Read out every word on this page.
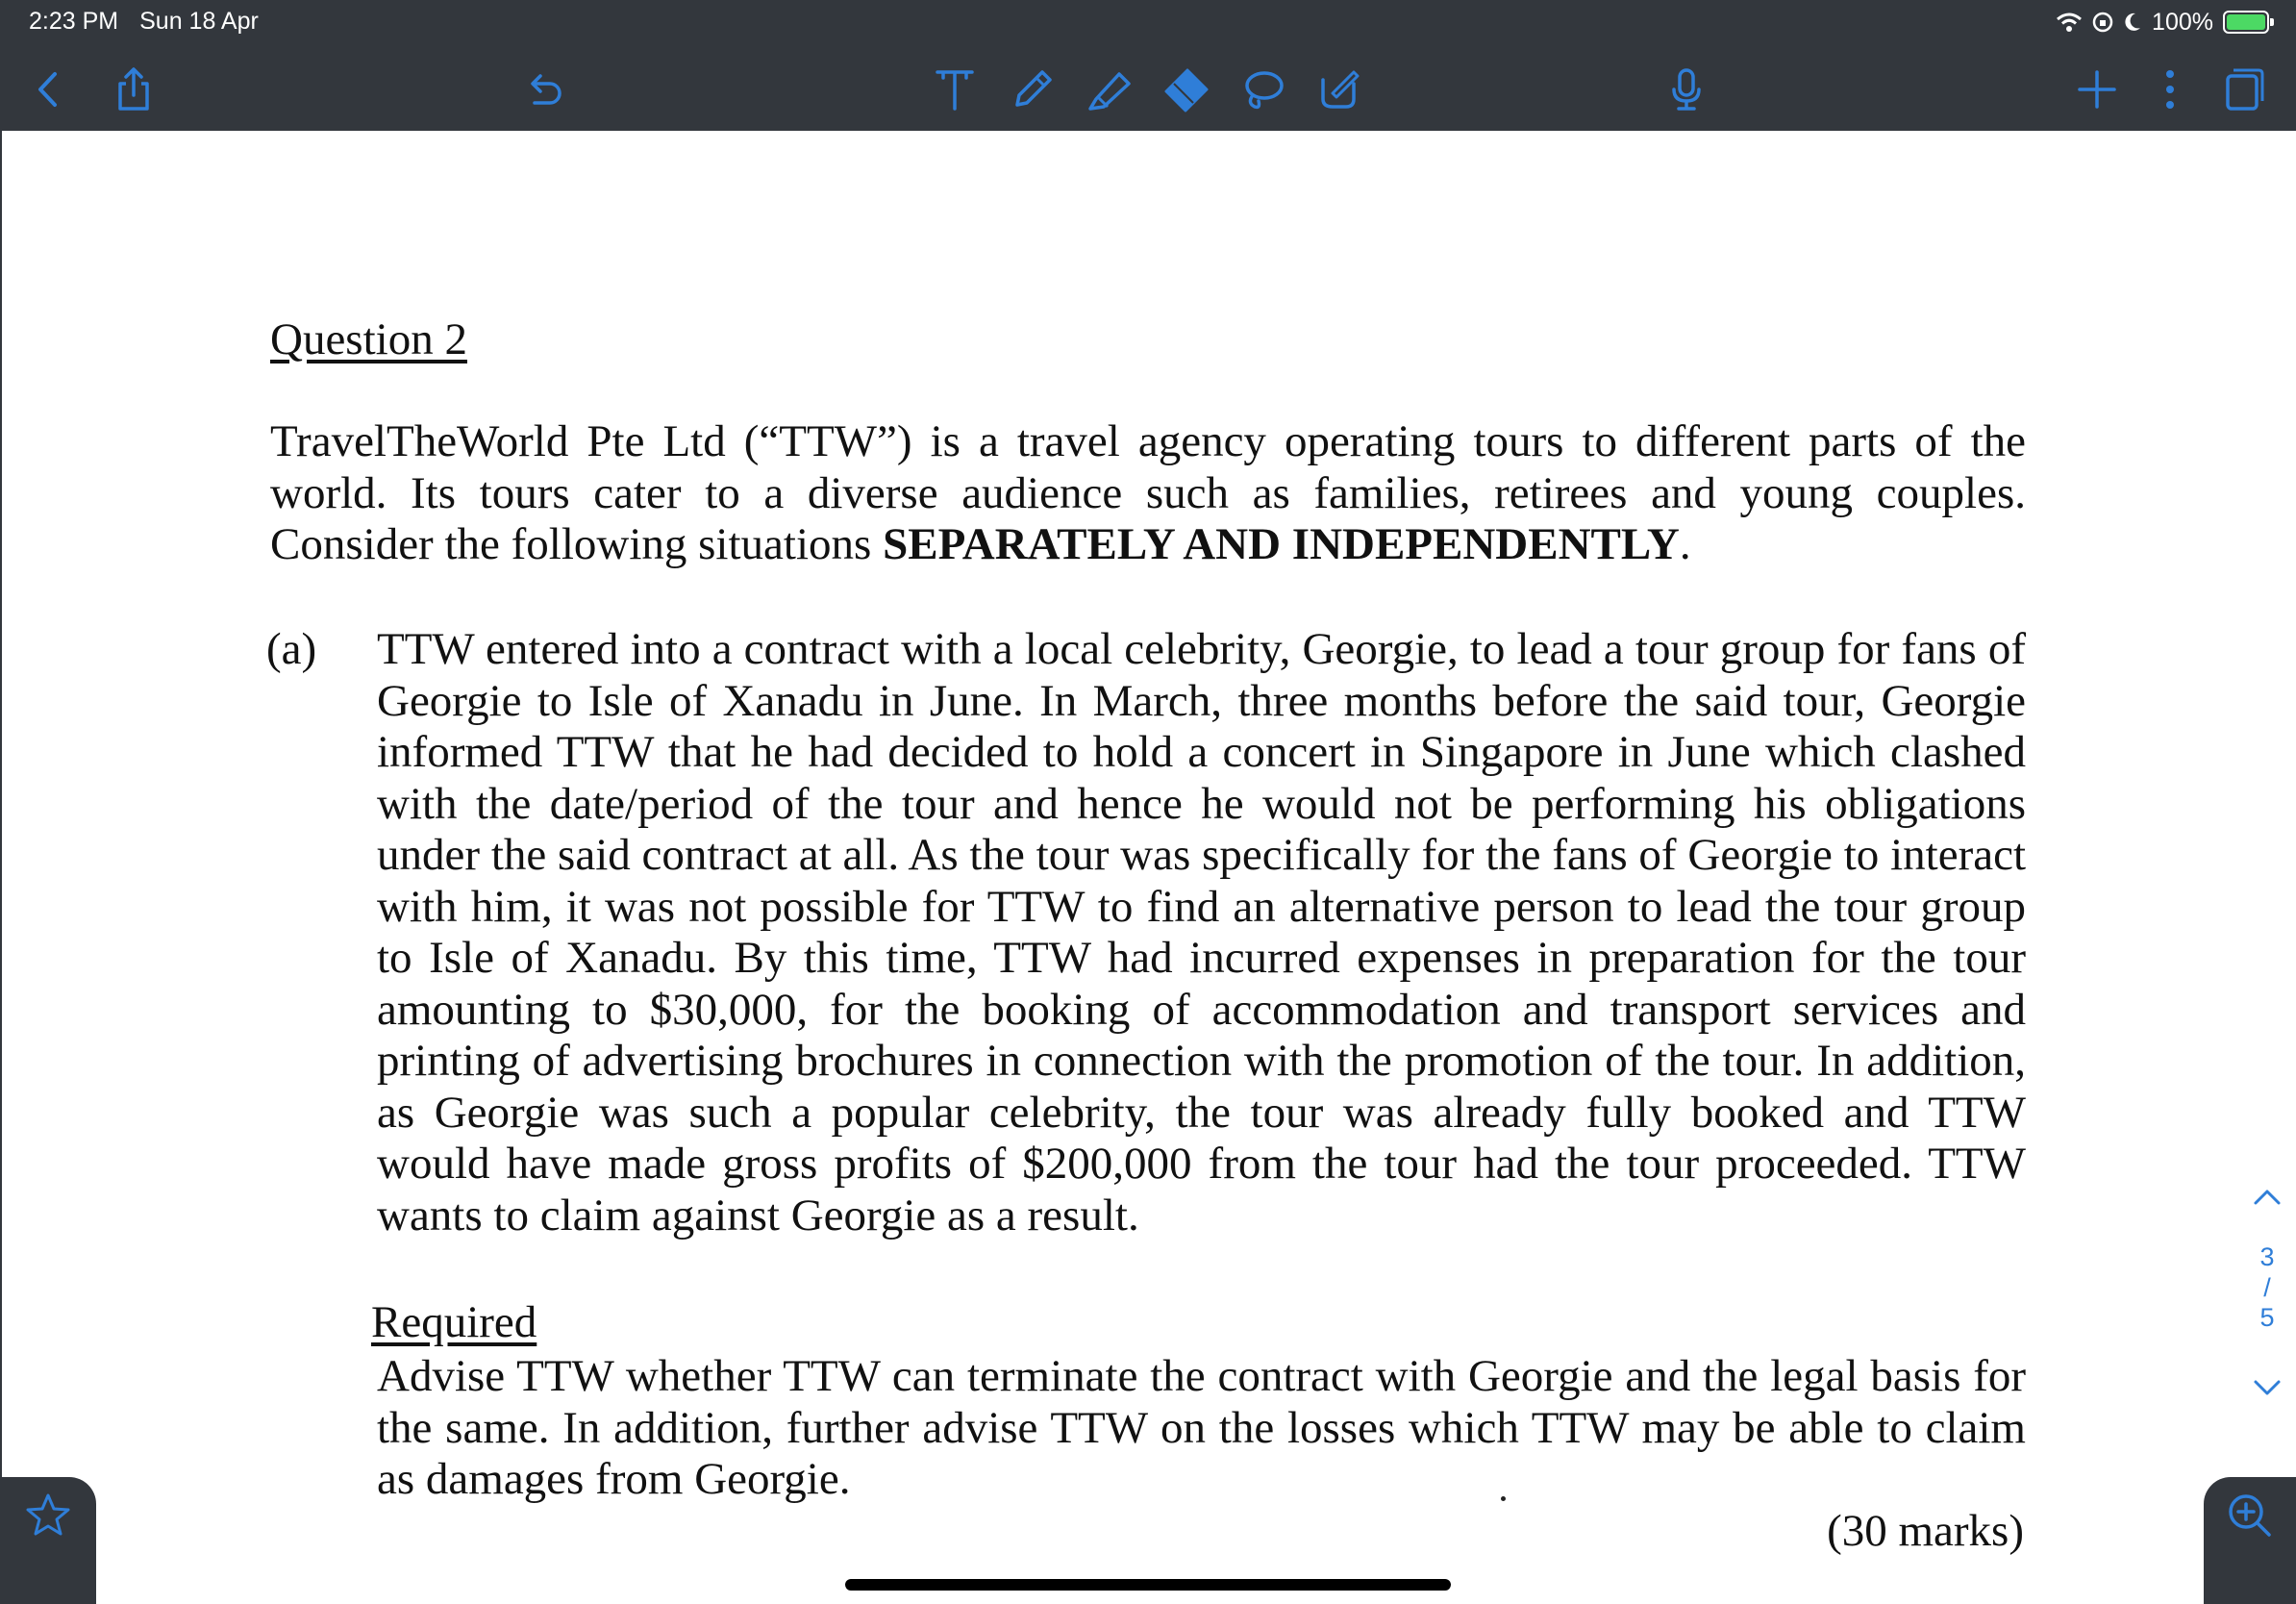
2:23 PM Sun 18 Apr	100%
Question 2
TravelTheWorld Pte Ltd (“TTW”) is a travel agency operating tours to different parts of the world. Its tours cater to a diverse audience such as families, retirees and young couples. Consider the following situations SEPARATELY AND INDEPENDENTLY.
(a) TTW entered into a contract with a local celebrity, Georgie, to lead a tour group for fans of Georgie to Isle of Xanadu in June. In March, three months before the said tour, Georgie informed TTW that he had decided to hold a concert in Singapore in June which clashed with the date/period of the tour and hence he would not be performing his obligations under the said contract at all. As the tour was specifically for the fans of Georgie to interact with him, it was not possible for TTW to find an alternative person to lead the tour group to Isle of Xanadu. By this time, TTW had incurred expenses in preparation for the tour amounting to $30,000, for the booking of accommodation and transport services and printing of advertising brochures in connection with the promotion of the tour. In addition, as Georgie was such a popular celebrity, the tour was already fully booked and TTW would have made gross profits of $200,000 from the tour had the tour proceeded. TTW wants to claim against Georgie as a result.
Required
Advise TTW whether TTW can terminate the contract with Georgie and the legal basis for the same. In addition, further advise TTW on the losses which TTW may be able to claim as damages from Georgie.
(30 marks)
3
/
5
